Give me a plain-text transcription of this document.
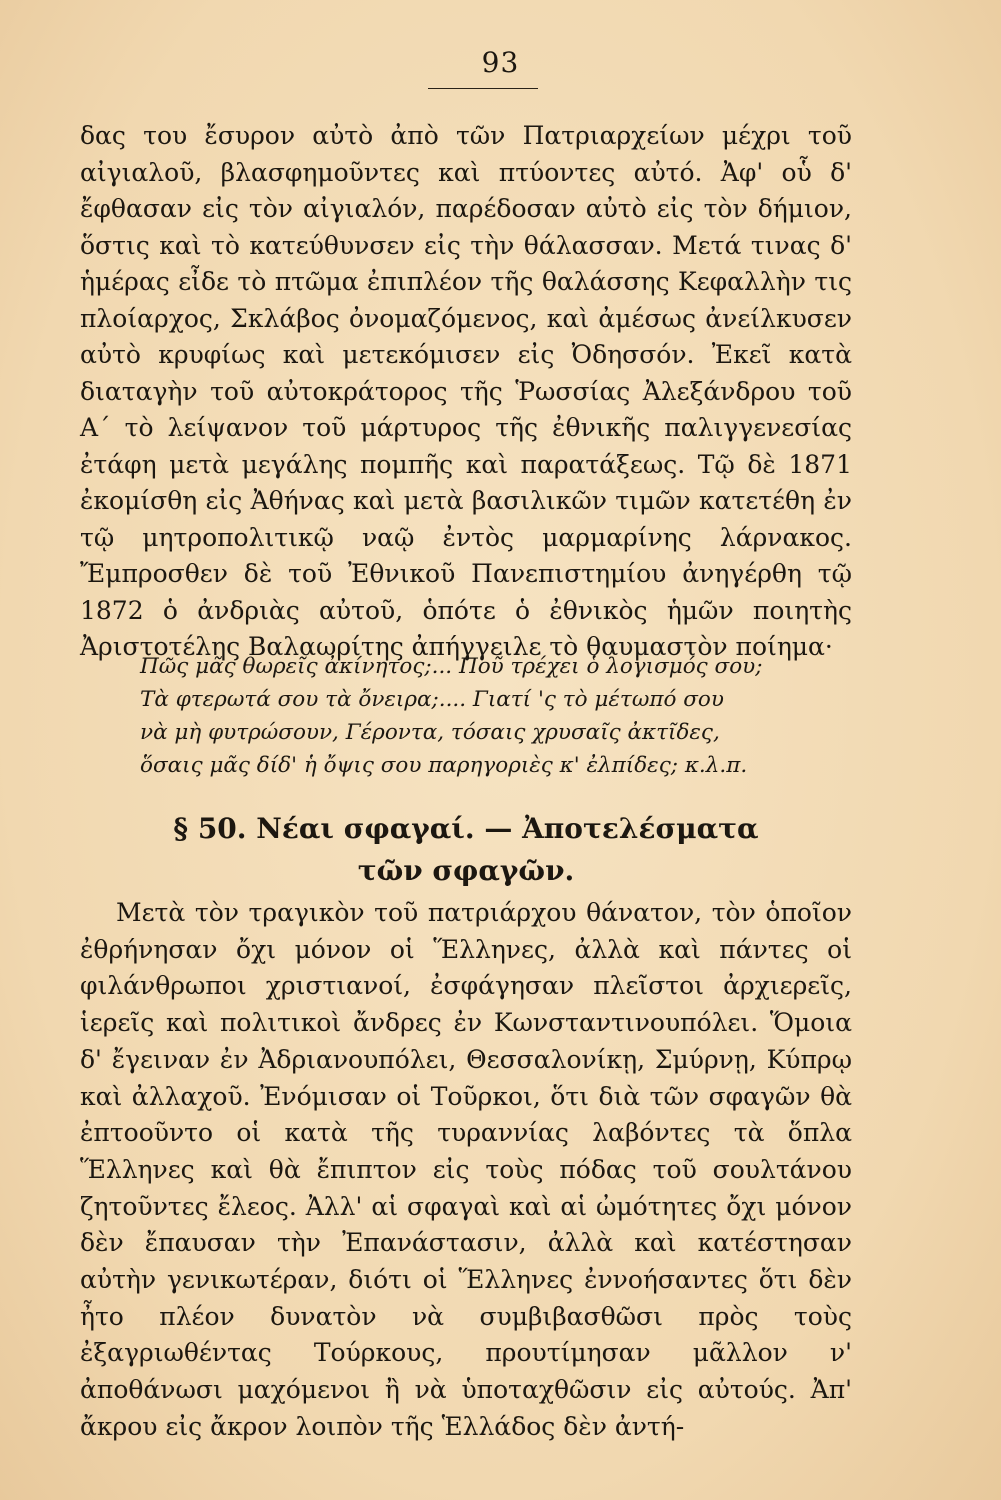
93

δας του ἔσυρον αὐτὸ ἀπὸ τῶν Πατριαρχείων μέχρι τοῦ αἰγιαλοῦ, βλασφημοῦντες καὶ πτύοντες αὐτό. Ἀφ' οὗ δ' ἔφθασαν εἰς τὸν αἰγιαλόν, παρέδοσαν αὐτὸ εἰς τὸν δήμιον, ὅστις καὶ τὸ κατεύθυνσεν εἰς τὴν θάλασσαν. Μετά τινας δ' ἡμέρας εἶδε τὸ πτῶμα ἐπιπλέον τῆς θαλάσσης Κεφαλλὴν τις πλοίαρχος, Σκλάβος ὀνομαζόμενος, καὶ ἀμέσως ἀνείλκυσεν αὐτὸ κρυφίως καὶ μετεκόμισεν εἰς Ὀδησσόν. Ἐκεῖ κατὰ διαταγὴν τοῦ αὐτοκράτορος τῆς Ῥωσσίας Ἀλεξάνδρου τοῦ Α΄ τὸ λείψανον τοῦ μάρτυρος τῆς ἐθνικῆς παλιγγενεσίας ἐτάφη μετὰ μεγάλης πομπῆς καὶ παρατάξεως. Τῷ δὲ 1871 ἐκομίσθη εἰς Ἀθήνας καὶ μετὰ βασιλικῶν τιμῶν κατετέθη ἐν τῷ μητροπολιτικῷ ναῷ ἐντὸς μαρμαρίνης λάρνακος. Ἔμπροσθεν δὲ τοῦ Ἐθνικοῦ Πανεπιστημίου ἀνηγέρθη τῷ 1872 ὁ ἀνδριὰς αὐτοῦ, ὁπότε ὁ ἐθνικὸς ἡμῶν ποιητὴς Ἀριστοτέλης Βαλαωρίτης ἀπήγγειλε τὸ θαυμαστὸν ποίημα·

Πῶς μᾶς θωρεῖς ἀκίνητος;... Ποῦ τρέχει ὁ λογισμός σου;
Τὰ φτερωτά σου τὰ ὄνειρα;.... Γιατί 'ς τὸ μέτωπό σου
νὰ μὴ φυτρώσουν, Γέροντα, τόσαις χρυσαῖς ἀκτῖδες,
ὅσαις μᾶς δίδ' ἡ ὄψις σου παρηγοριὲς κ' ἐλπίδες; κ.λ.π.
§ 50. Νέαι σφαγαί. — Ἀποτελέσματα
τῶν σφαγῶν.

Μετὰ τὸν τραγικὸν τοῦ πατριάρχου θάνατον, τὸν ὁποῖον ἐθρήνησαν ὄχι μόνον οἱ Ἕλληνες, ἀλλὰ καὶ πάντες οἱ φιλάνθρωποι χριστιανοί, ἐσφάγησαν πλεῖστοι ἀρχιερεῖς, ἱερεῖς καὶ πολιτικοὶ ἄνδρες ἐν Κωνσταντινουπόλει. Ὅμοια δ' ἔγειναν ἐν Ἀδριανουπόλει, Θεσσαλονίκῃ, Σμύρνῃ, Κύπρῳ καὶ ἀλλαχοῦ. Ἐνόμισαν οἱ Τοῦρκοι, ὅτι διὰ τῶν σφαγῶν θὰ ἐπτοοῦντο οἱ κατὰ τῆς τυραννίας λαβόντες τὰ ὅπλα Ἕλληνες καὶ θὰ ἔπιπτον εἰς τοὺς πόδας τοῦ σουλτάνου ζητοῦντες ἔλεος. Ἀλλ' αἱ σφαγαὶ καὶ αἱ ὠμότητες ὄχι μόνον δὲν ἔπαυσαν τὴν Ἐπανάστασιν, ἀλλὰ καὶ κατέστησαν αὐτὴν γενικωτέραν, διότι οἱ Ἕλληνες ἐννοήσαντες ὅτι δὲν ἦτο πλέον δυνατὸν νὰ συμβιβασθῶσι πρὸς τοὺς ἐξαγριωθέντας Τούρκους, προυτίμησαν μᾶλλον ν' ἀποθάνωσι μαχόμενοι ἢ νὰ ὑποταχθῶσιν εἰς αὐτούς. Ἀπ' ἄκρου εἰς ἄκρον λοιπὸν τῆς Ἑλλάδος δὲν ἀντή-
